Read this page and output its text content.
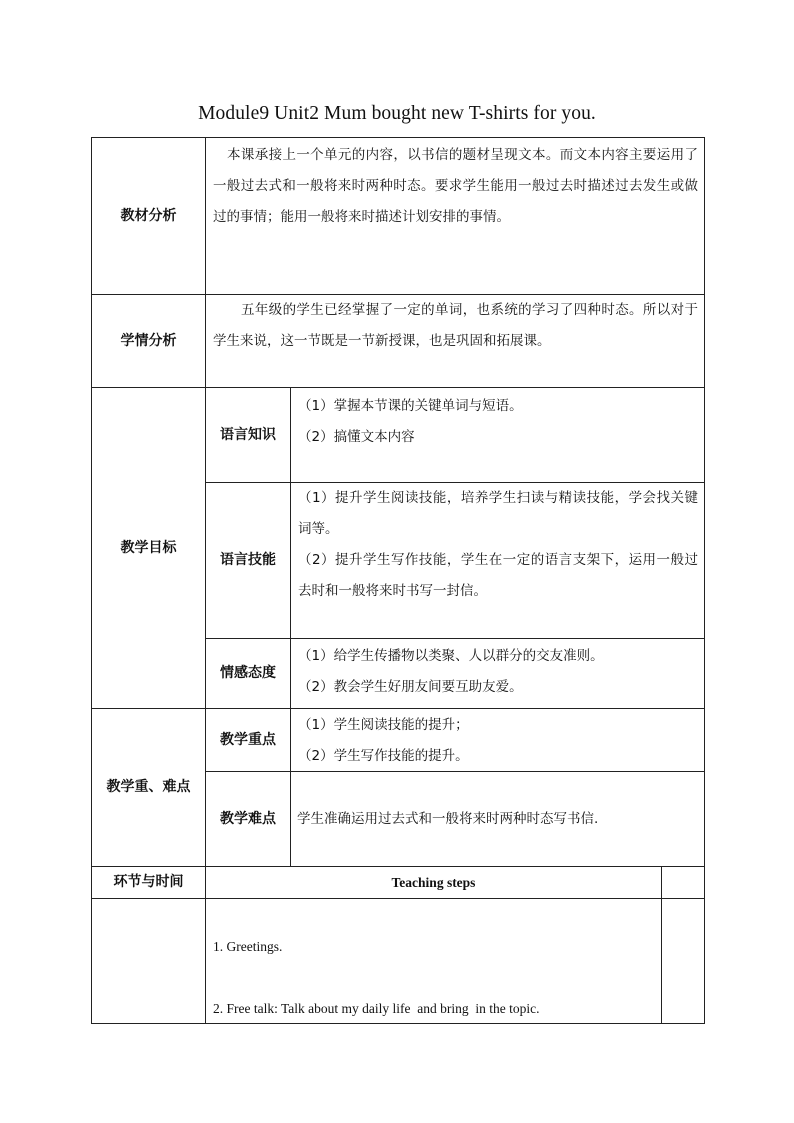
Module9 Unit2 Mum bought new T-shirts for you.
教材分析
本课承接上一个单元的内容，以书信的题材呈现文本。而文本内容主要运用了一般过去式和一般将来时两种时态。要求学生能用一般过去时描述过去发生或做过的事情；能用一般将来时描述计划安排的事情。
学情分析
五年级的学生已经掌握了一定的单词，也系统的学习了四种时态。所以对于学生来说，这一节既是一节新授课，也是巩固和拓展课。
教学目标
语言知识
（1）掌握本节课的关键单词与短语。
（2）搞懂文本内容
语言技能
（1）提升学生阅读技能，培养学生扫读与精读技能，学会找关键词等。
（2）提升学生写作技能，学生在一定的语言支架下，运用一般过去时和一般将来时书写一封信。
情感态度
（1）给学生传播物以类聚、人以群分的交友准则。
（2）教会学生好朋友间要互助友爱。
教学重、难点
教学重点
（1）学生阅读技能的提升；
（2）学生写作技能的提升。
教学难点	学生准确运用过去式和一般将来时两种时态写书信.
环节与时间	Teaching steps
1. Greetings.
2. Free talk: Talk about my daily life  and bring  in the topic.
